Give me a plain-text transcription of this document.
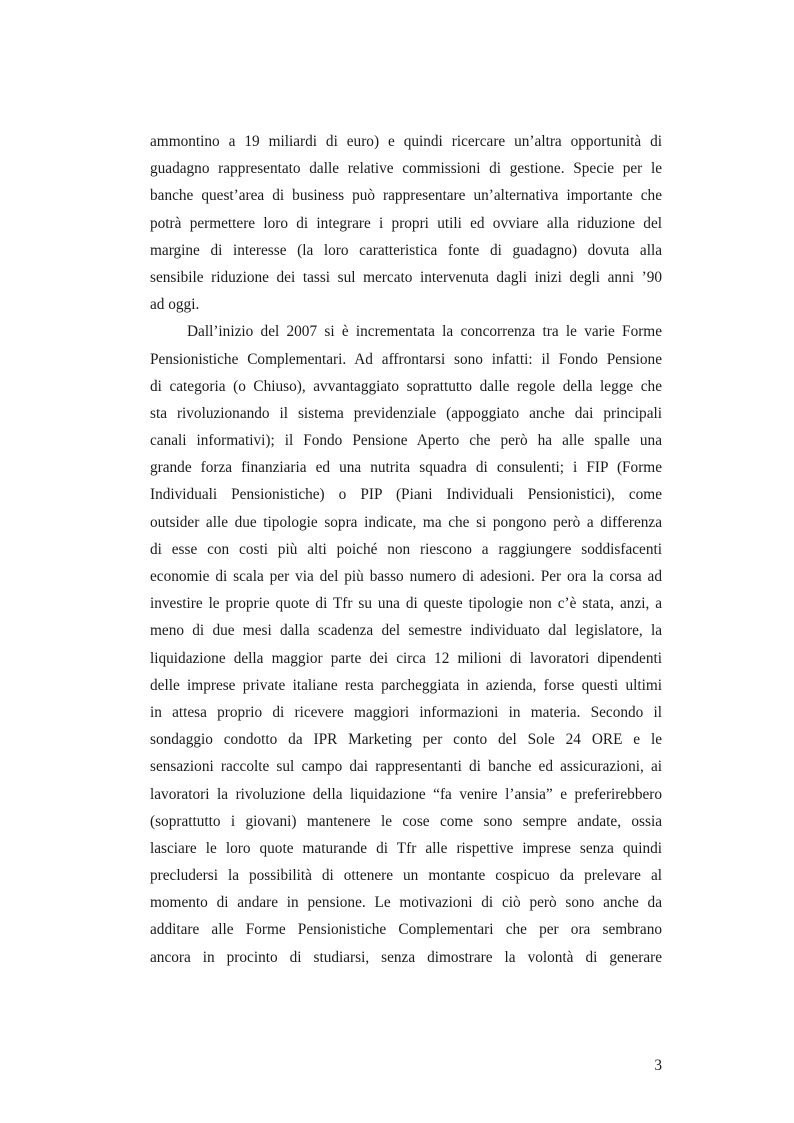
ammontino a 19 miliardi di euro) e quindi ricercare un’altra opportunità di
guadagno rappresentato dalle relative commissioni di gestione. Specie per le
banche quest’area di business può rappresentare un’alternativa importante che
potrà permettere loro di integrare i propri utili ed ovviare alla riduzione del
margine di interesse (la loro caratteristica fonte di guadagno) dovuta alla
sensibile riduzione dei tassi sul mercato intervenuta dagli inizi degli anni ’90
ad oggi.
Dall’inizio del 2007 si è incrementata la concorrenza tra le varie Forme
Pensionistiche Complementari. Ad affrontarsi sono infatti: il Fondo Pensione
di categoria (o Chiuso), avvantaggiato soprattutto dalle regole della legge che
sta rivoluzionando il sistema previdenziale (appoggiato anche dai principali
canali informativi); il Fondo Pensione Aperto che però ha alle spalle una
grande forza finanziaria ed una nutrita squadra di consulenti; i FIP (Forme
Individuali Pensionistiche) o PIP (Piani Individuali Pensionistici), come
outsider alle due tipologie sopra indicate, ma che si pongono però a differenza
di esse con costi più alti poiché non riescono a raggiungere soddisfacenti
economie di scala per via del più basso numero di adesioni. Per ora la corsa ad
investire le proprie quote di Tfr su una di queste tipologie non c’è stata, anzi, a
meno di due mesi dalla scadenza del semestre individuato dal legislatore, la
liquidazione della maggior parte dei circa 12 milioni di lavoratori dipendenti
delle imprese private italiane resta parcheggiata in azienda, forse questi ultimi
in attesa proprio di ricevere maggiori informazioni in materia. Secondo il
sondaggio condotto da IPR Marketing per conto del Sole 24 ORE e le
sensazioni raccolte sul campo dai rappresentanti di banche ed assicurazioni, ai
lavoratori la rivoluzione della liquidazione “fa venire l’ansia” e preferirebbero
(soprattutto i giovani) mantenere le cose come sono sempre andate, ossia
lasciare le loro quote maturande di Tfr alle rispettive imprese senza quindi
precludersi la possibilità di ottenere un montante cospicuo da prelevare al
momento di andare in pensione. Le motivazioni di ciò però sono anche da
additare alle Forme Pensionistiche Complementari che per ora sembrano
ancora in procinto di studiarsi, senza dimostrare la volontà di generare
3
